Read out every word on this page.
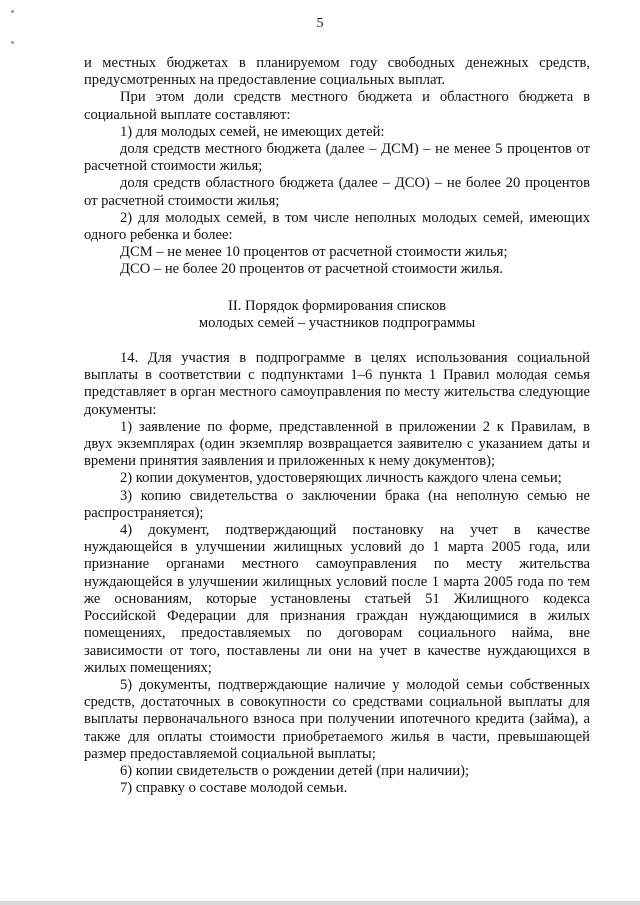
5

и местных бюджетах в планируемом году свободных денежных средств, предусмотренных на предоставление социальных выплат.

При этом доли средств местного бюджета и областного бюджета в социальной выплате составляют:

1) для молодых семей, не имеющих детей:

доля средств местного бюджета (далее – ДСМ) – не менее 5 процентов от расчетной стоимости жилья;

доля средств областного бюджета (далее – ДСО) – не более 20 процентов от расчетной стоимости жилья;

2) для молодых семей, в том числе неполных молодых семей, имеющих одного ребенка и более:

ДСМ – не менее 10 процентов от расчетной стоимости жилья;

ДСО – не более 20 процентов от расчетной стоимости жилья.

II. Порядок формирования списков
молодых семей – участников подпрограммы

14. Для участия в подпрограмме в целях использования социальной выплаты в соответствии с подпунктами 1–6 пункта 1 Правил молодая семья представляет в орган местного самоуправления по месту жительства следующие документы:

1) заявление по форме, представленной в приложении 2 к Правилам, в двух экземплярах (один экземпляр возвращается заявителю с указанием даты и времени принятия заявления и приложенных к нему документов);

2) копии документов, удостоверяющих личность каждого члена семьи;

3) копию свидетельства о заключении брака (на неполную семью не распространяется);

4) документ, подтверждающий постановку на учет в качестве нуждающейся в улучшении жилищных условий до 1 марта 2005 года, или признание органами местного самоуправления по месту жительства нуждающейся в улучшении жилищных условий после 1 марта 2005 года по тем же основаниям, которые установлены статьей 51 Жилищного кодекса Российской Федерации для признания граждан нуждающимися в жилых помещениях, предоставляемых по договорам социального найма, вне зависимости от того, поставлены ли они на учет в качестве нуждающихся в жилых помещениях;

5) документы, подтверждающие наличие у молодой семьи собственных средств, достаточных в совокупности со средствами социальной выплаты для выплаты первоначального взноса при получении ипотечного кредита (займа), а также для оплаты стоимости приобретаемого жилья в части, превышающей размер предоставляемой социальной выплаты;

6) копии свидетельств о рождении детей (при наличии);

7) справку о составе молодой семьи.
